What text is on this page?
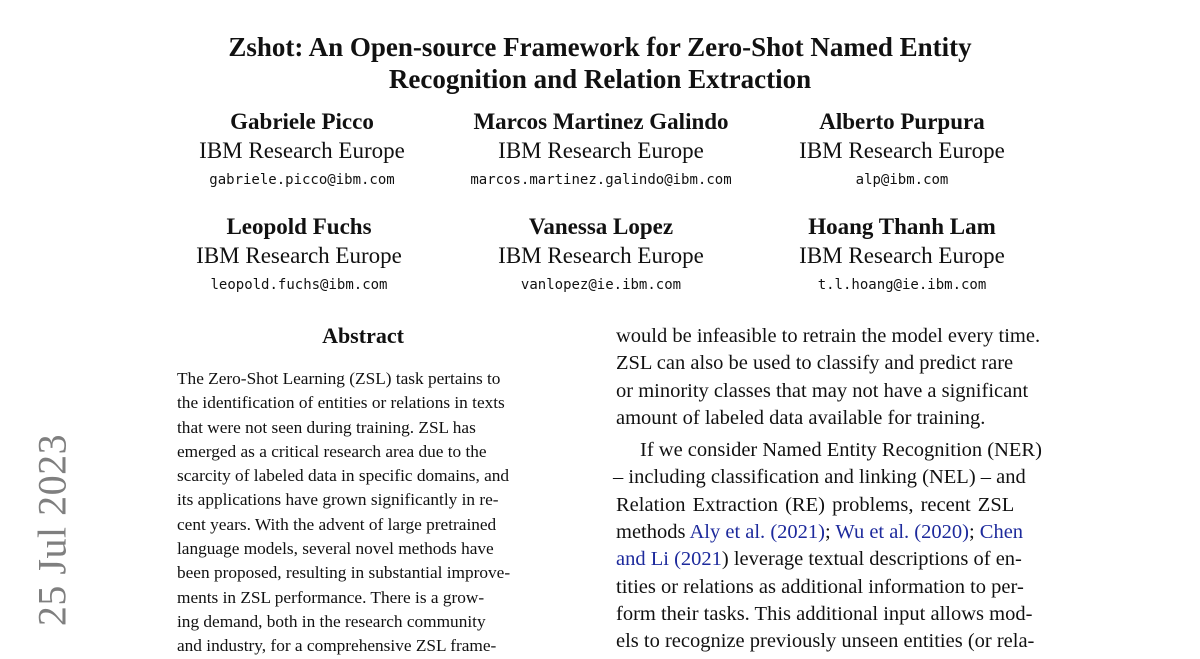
Zshot: An Open-source Framework for Zero-Shot Named Entity
Recognition and Relation Extraction
Gabriele Picco
IBM Research Europe
gabriele.picco@ibm.com
Marcos Martinez Galindo
IBM Research Europe
marcos.martinez.galindo@ibm.com
Alberto Purpura
IBM Research Europe
alp@ibm.com
Leopold Fuchs
IBM Research Europe
leopold.fuchs@ibm.com
Vanessa Lopez
IBM Research Europe
vanlopez@ie.ibm.com
Hoang Thanh Lam
IBM Research Europe
t.l.hoang@ie.ibm.com
25 Jul 2023
Abstract
The Zero-Shot Learning (ZSL) task pertains to
the identification of entities or relations in texts
that were not seen during training. ZSL has
emerged as a critical research area due to the
scarcity of labeled data in specific domains, and
its applications have grown significantly in re-
cent years. With the advent of large pretrained
language models, several novel methods have
been proposed, resulting in substantial improve-
ments in ZSL performance. There is a grow-
ing demand, both in the research community
and industry, for a comprehensive ZSL frame-
would be infeasible to retrain the model every time.
ZSL can also be used to classify and predict rare
or minority classes that may not have a significant
amount of labeled data available for training.
If we consider Named Entity Recognition (NER)
– including classification and linking (NEL) – and
Relation Extraction (RE) problems, recent ZSL
methods Aly et al. (2021); Wu et al. (2020); Chen
and Li (2021) leverage textual descriptions of en-
tities or relations as additional information to per-
form their tasks. This additional input allows mod-
els to recognize previously unseen entities (or rela-
